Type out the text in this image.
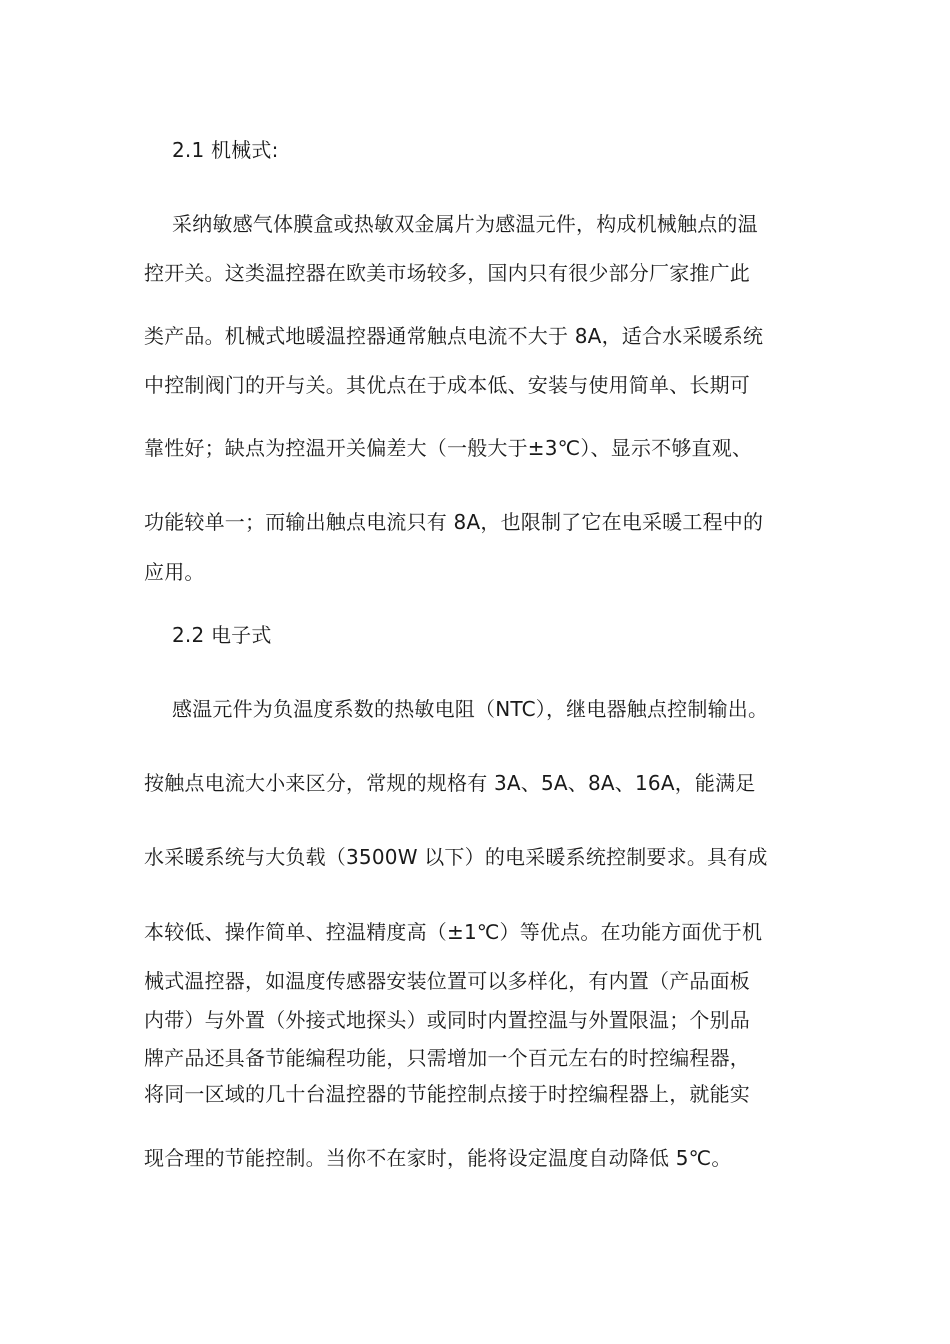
2.1 机械式:
采纳敏感气体膜盒或热敏双金属片为感温元件，构成机械触点的温
控开关。这类温控器在欧美市场较多，国内只有很少部分厂家推广此
类产品。机械式地暖温控器通常触点电流不大于 8A，适合水采暖系统
中控制阀门的开与关。其优点在于成本低、安装与使用简单、长期可
靠性好；缺点为控温开关偏差大（一般大于±3℃）、显示不够直观、
功能较单一；而输出触点电流只有 8A，也限制了它在电采暖工程中的
应用。
2.2 电子式
感温元件为负温度系数的热敏电阻（NTC），继电器触点控制输出。
按触点电流大小来区分，常规的规格有 3A、5A、8A、16A，能满足
水采暖系统与大负载（3500W 以下）的电采暖系统控制要求。具有成
本较低、操作简单、控温精度高（±1℃）等优点。在功能方面优于机
械式温控器，如温度传感器安装位置可以多样化，有内置（产品面板
内带）与外置（外接式地探头）或同时内置控温与外置限温；个别品
牌产品还具备节能编程功能，只需增加一个百元左右的时控编程器，
将同一区域的几十台温控器的节能控制点接于时控编程器上，就能实
现合理的节能控制。当你不在家时，能将设定温度自动降低 5℃。
